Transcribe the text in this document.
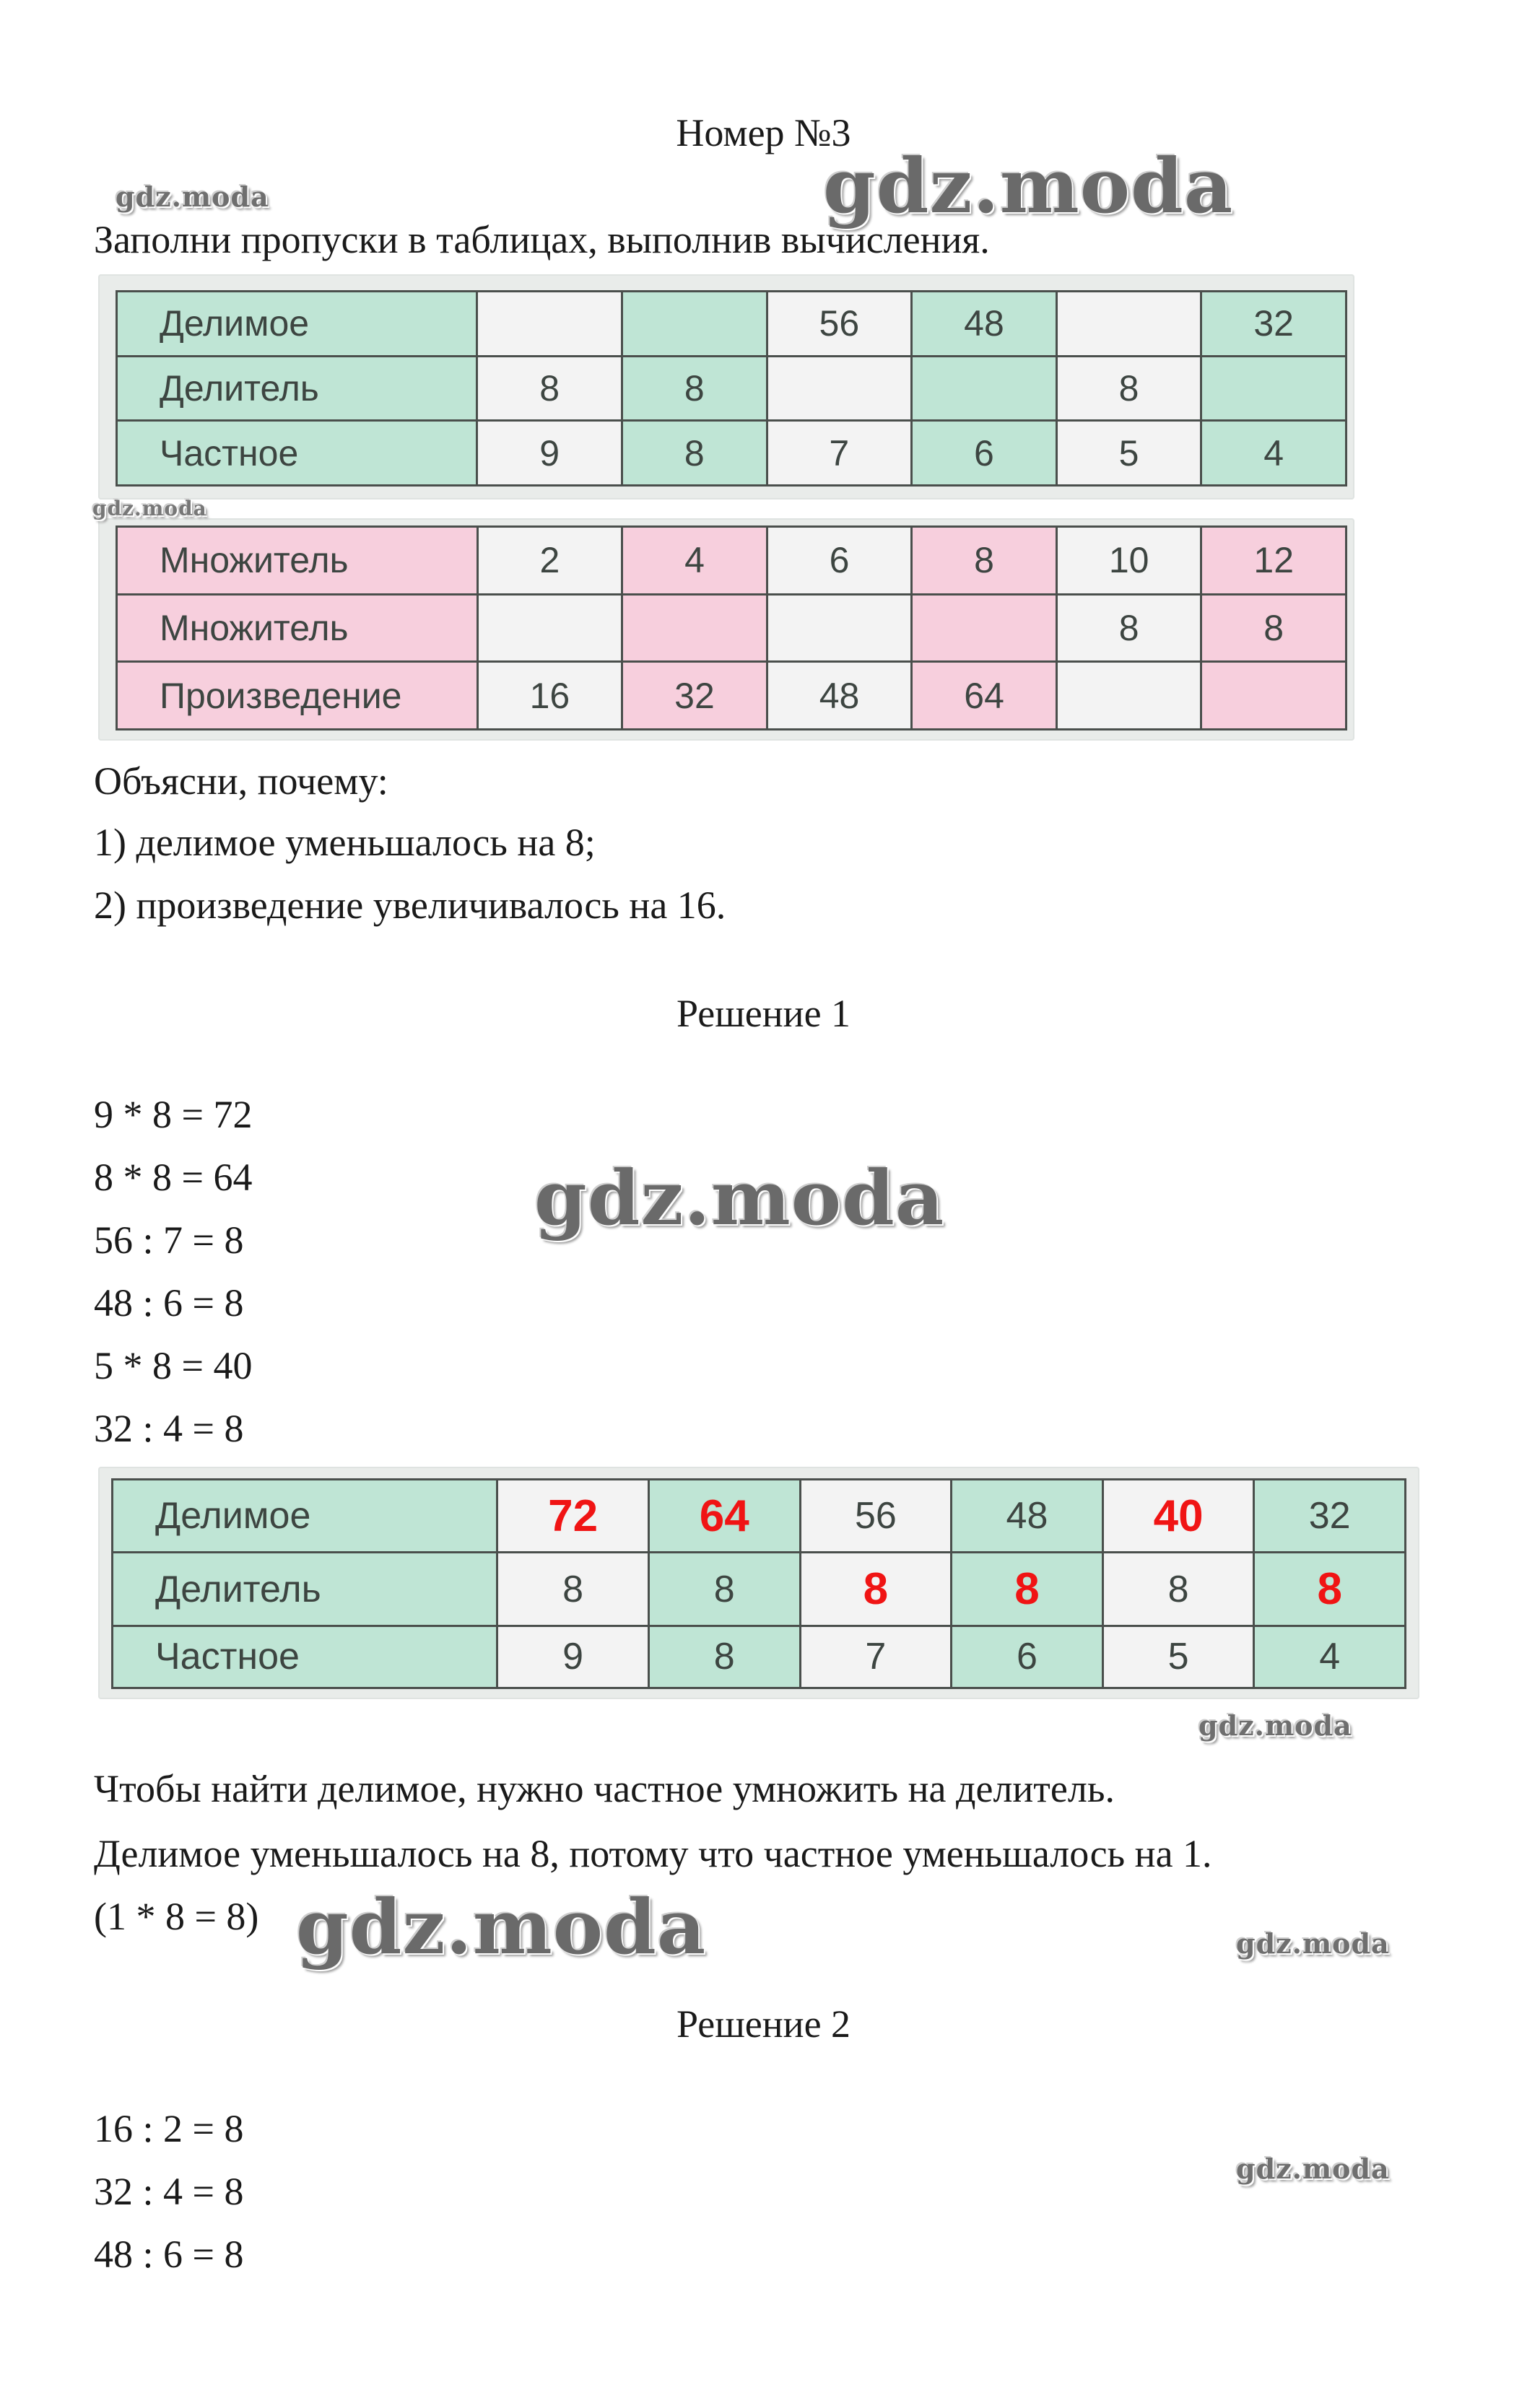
Номер №3
Заполни пропуски в таблицах, выполнив вычисления.
Делимое			56	48		32
Делитель	8	8			8	
Частное	9	8	7	6	5	4
Множитель	2	4	6	8	10	12
Множитель					8	8
Произведение	16	32	48	64		
Объясни, почему:
1) делимое уменьшалось на 8;
2) произведение увеличивалось на 16.
Решение 1
9 * 8 = 72
8 * 8 = 64
56 : 7 = 8
48 : 6 = 8
5 * 8 = 40
32 : 4 = 8
Делимое	72	64	56	48	40	32
Делитель	8	8	8	8	8	8
Частное	9	8	7	6	5	4
Чтобы найти делимое, нужно частное умножить на делитель.
Делимое уменьшалось на 8, потому что частное уменьшалось на 1.
(1 * 8 = 8)
Решение 2
16 : 2 = 8
32 : 4 = 8
48 : 6 = 8
gdz.moda
gdz.moda
gdz.moda
gdz.moda
gdz.moda
gdz.moda	gdz.moda
gdz.moda
